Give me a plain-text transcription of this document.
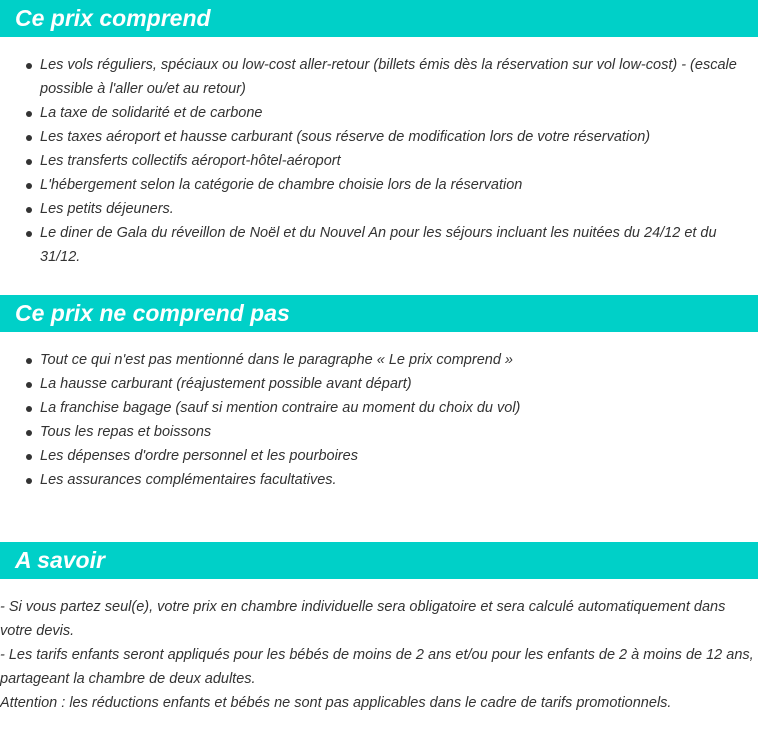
Ce prix comprend
Les vols réguliers, spéciaux ou low-cost aller-retour (billets émis dès la réservation sur vol low-cost) - (escale possible à l'aller ou/et au retour)
La taxe de solidarité et de carbone
Les taxes aéroport et hausse carburant (sous réserve de modification lors de votre réservation)
Les transferts collectifs aéroport-hôtel-aéroport
L'hébergement selon la catégorie de chambre choisie lors de la réservation
Les petits déjeuners.
Le diner de Gala du réveillon de Noël et du Nouvel An pour les séjours incluant les nuitées du 24/12 et du 31/12.
Ce prix ne comprend pas
Tout ce qui n'est pas mentionné dans le paragraphe « Le prix comprend »
La hausse carburant (réajustement possible avant départ)
La franchise bagage (sauf si mention contraire au moment du choix du vol)
Tous les repas et boissons
Les dépenses d'ordre personnel et les pourboires
Les assurances complémentaires facultatives.
A savoir

- Si vous partez seul(e), votre prix en chambre individuelle sera obligatoire et sera calculé automatiquement dans votre devis.

- Les tarifs enfants seront appliqués pour les bébés de moins de 2 ans et/ou pour les enfants de 2 à moins de 12 ans, partageant la chambre de deux adultes.

Attention : les réductions enfants et bébés ne sont pas applicables dans le cadre de tarifs promotionnels.
